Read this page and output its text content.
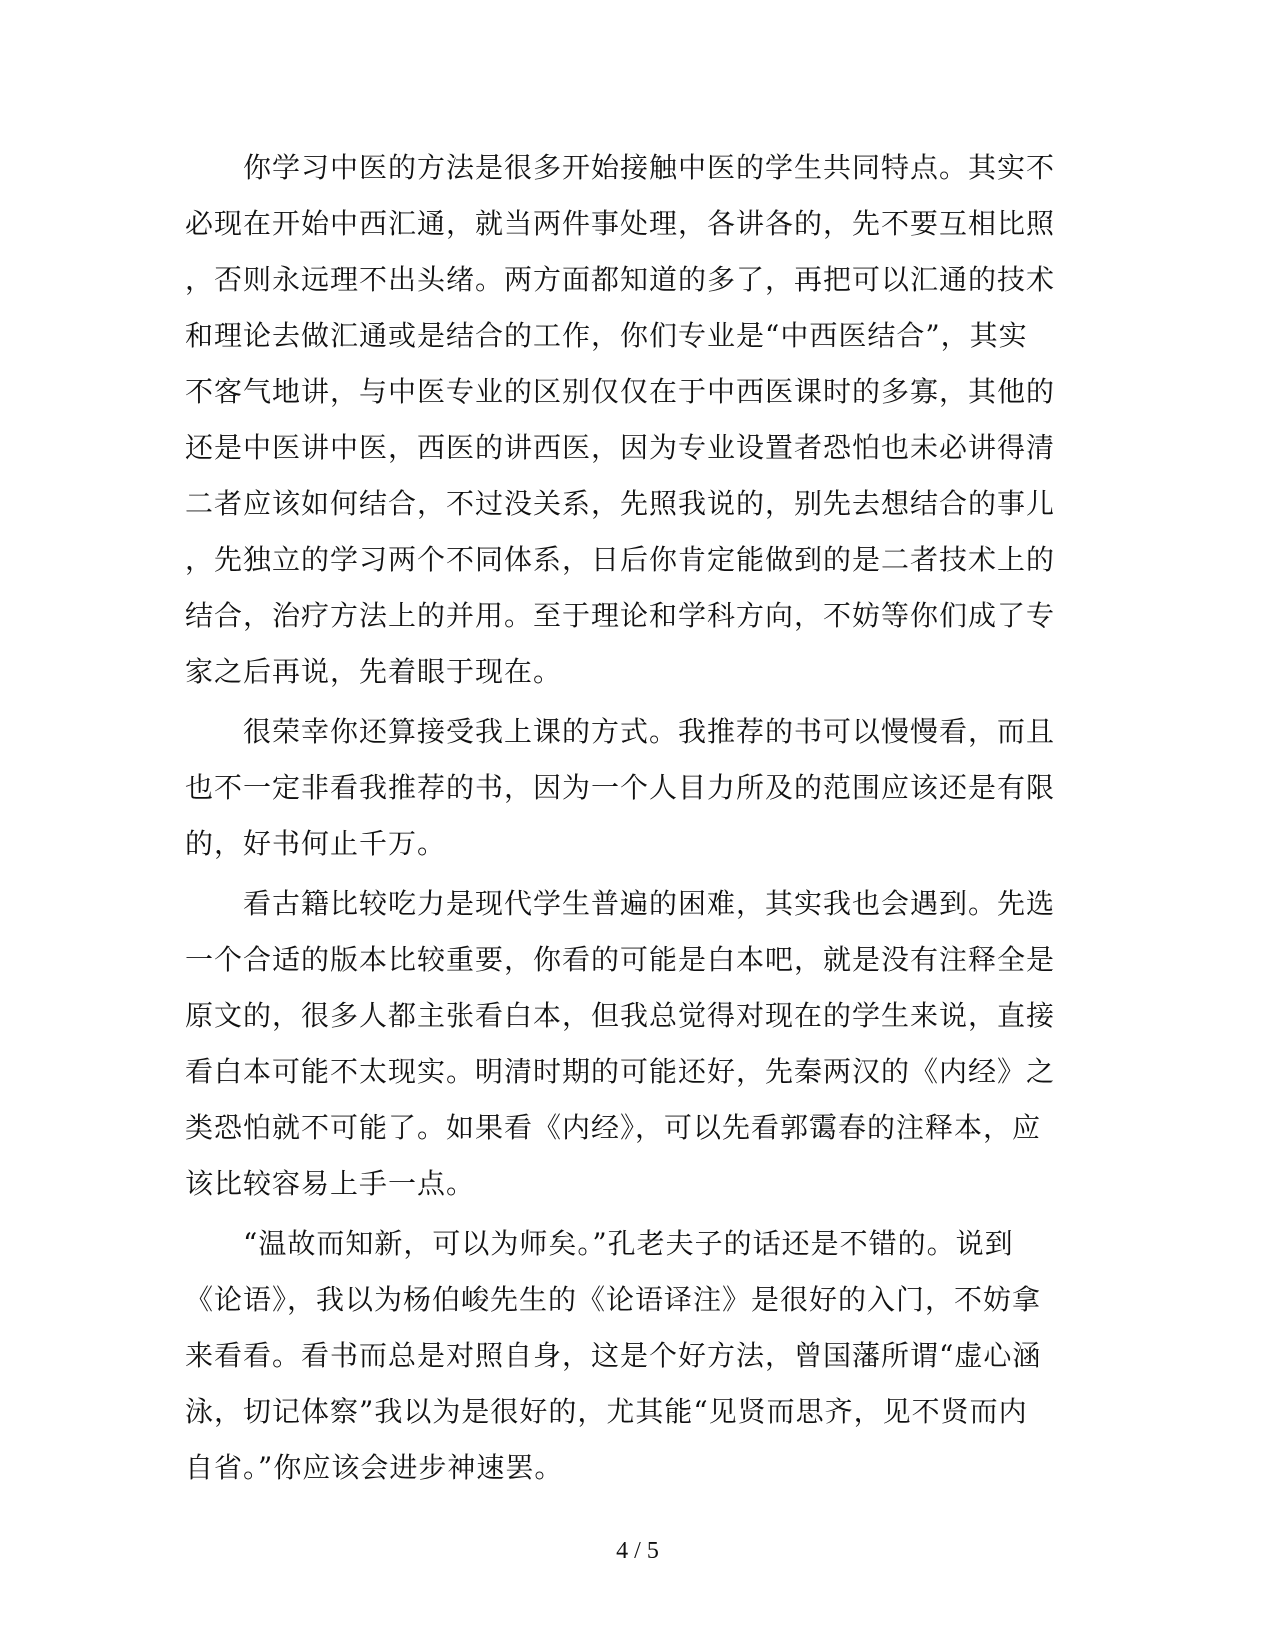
　　你学习中医的方法是很多开始接触中医的学生共同特点。其实不
必现在开始中西汇通，就当两件事处理，各讲各的，先不要互相比照
，否则永远理不出头绪。两方面都知道的多了，再把可以汇通的技术
和理论去做汇通或是结合的工作，你们专业是“中西医结合”，其实
不客气地讲，与中医专业的区别仅仅在于中西医课时的多寡，其他的
还是中医讲中医，西医的讲西医，因为专业设置者恐怕也未必讲得清
二者应该如何结合，不过没关系，先照我说的，别先去想结合的事儿
，先独立的学习两个不同体系，日后你肯定能做到的是二者技术上的
结合，治疗方法上的并用。至于理论和学科方向，不妨等你们成了专
家之后再说，先着眼于现在。
　　很荣幸你还算接受我上课的方式。我推荐的书可以慢慢看，而且
也不一定非看我推荐的书，因为一个人目力所及的范围应该还是有限
的，好书何止千万。
　　看古籍比较吃力是现代学生普遍的困难，其实我也会遇到。先选
一个合适的版本比较重要，你看的可能是白本吧，就是没有注释全是
原文的，很多人都主张看白本，但我总觉得对现在的学生来说，直接
看白本可能不太现实。明清时期的可能还好，先秦两汉的《内经》之
类恐怕就不可能了。如果看《内经》，可以先看郭霭春的注释本，应
该比较容易上手一点。
　　“温故而知新，可以为师矣。”孔老夫子的话还是不错的。说到
《论语》，我以为杨伯峻先生的《论语译注》是很好的入门，不妨拿
来看看。看书而总是对照自身，这是个好方法，曾国藩所谓“虚心涵
泳，切记体察”我以为是很好的，尤其能“见贤而思齐，见不贤而内
自省。”你应该会进步神速罢。
4 / 5
